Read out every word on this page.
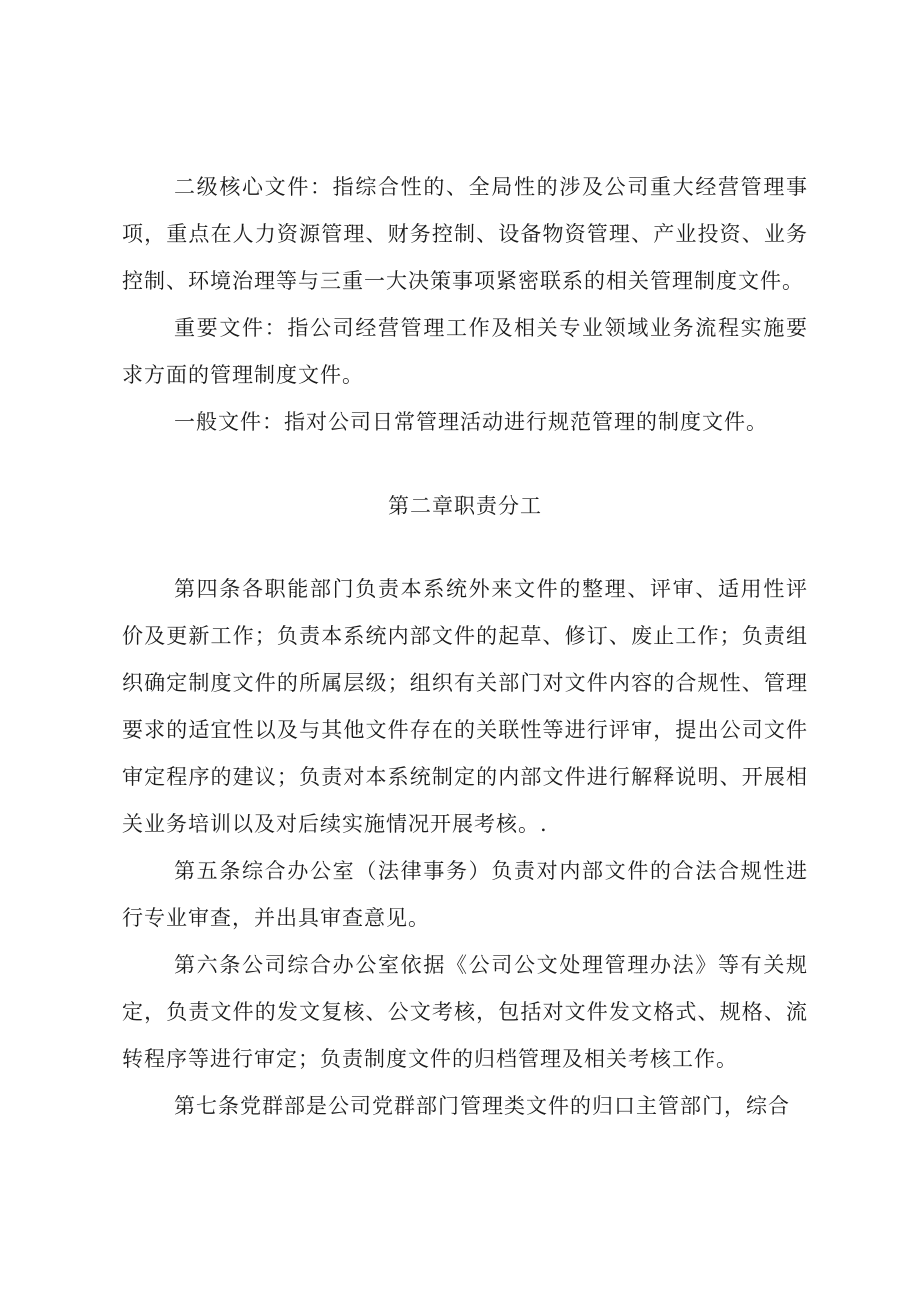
二级核心文件：指综合性的、全局性的涉及公司重大经营管理事项，重点在人力资源管理、财务控制、设备物资管理、产业投资、业务控制、环境治理等与三重一大决策事项紧密联系的相关管理制度文件。

重要文件：指公司经营管理工作及相关专业领域业务流程实施要求方面的管理制度文件。

一般文件：指对公司日常管理活动进行规范管理的制度文件。

第二章职责分工

第四条各职能部门负责本系统外来文件的整理、评审、适用性评价及更新工作；负责本系统内部文件的起草、修订、废止工作；负责组织确定制度文件的所属层级；组织有关部门对文件内容的合规性、管理要求的适宜性以及与其他文件存在的关联性等进行评审，提出公司文件审定程序的建议；负责对本系统制定的内部文件进行解释说明、开展相关业务培训以及对后续实施情况开展考核。.

第五条综合办公室（法律事务）负责对内部文件的合法合规性进行专业审查，并出具审查意见。

第六条公司综合办公室依据《公司公文处理管理办法》等有关规定，负责文件的发文复核、公文考核，包括对文件发文格式、规格、流转程序等进行审定；负责制度文件的归档管理及相关考核工作。

第七条党群部是公司党群部门管理类文件的归口主管部门，综合
